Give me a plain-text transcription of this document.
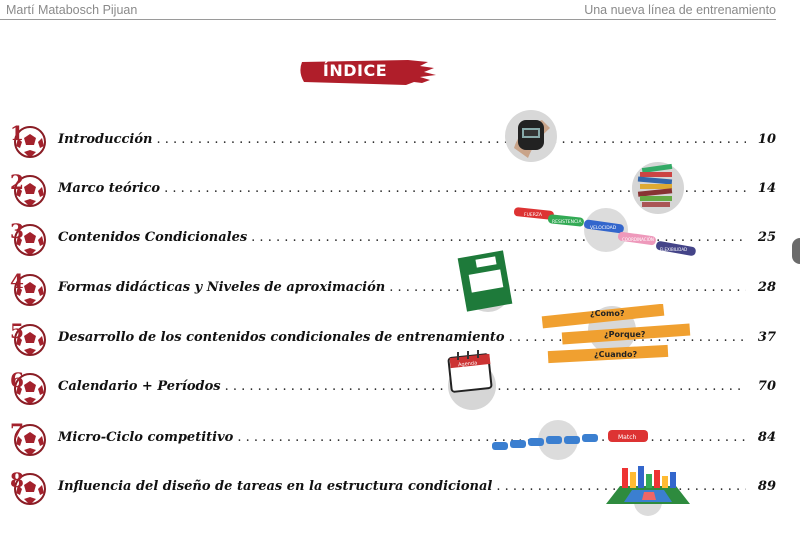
Martí Matabosch Pijuan	Una nueva línea de entrenamiento
ÍNDICE
1	Introducción . . .	10
2	Marco teórico . . .	14
3	Contenidos Condicionales . . .	25
4	Formas didácticas y Niveles de aproximación . . .	28
5	Desarrollo de los contenidos condicionales de entrenamiento . . .	37
6	Calendario + Períodos . . .	70
7	Micro-Ciclo competitivo . . .	84
8	Influencia del diseño de tareas en la estructura condicional . . .	89
FUERZA
RESISTENCIA
VELOCIDAD
COORDINACIÓN
FLEXIBILIDAD
¿Como?
¿Porque?
¿Cuando?
Agenda
Match
